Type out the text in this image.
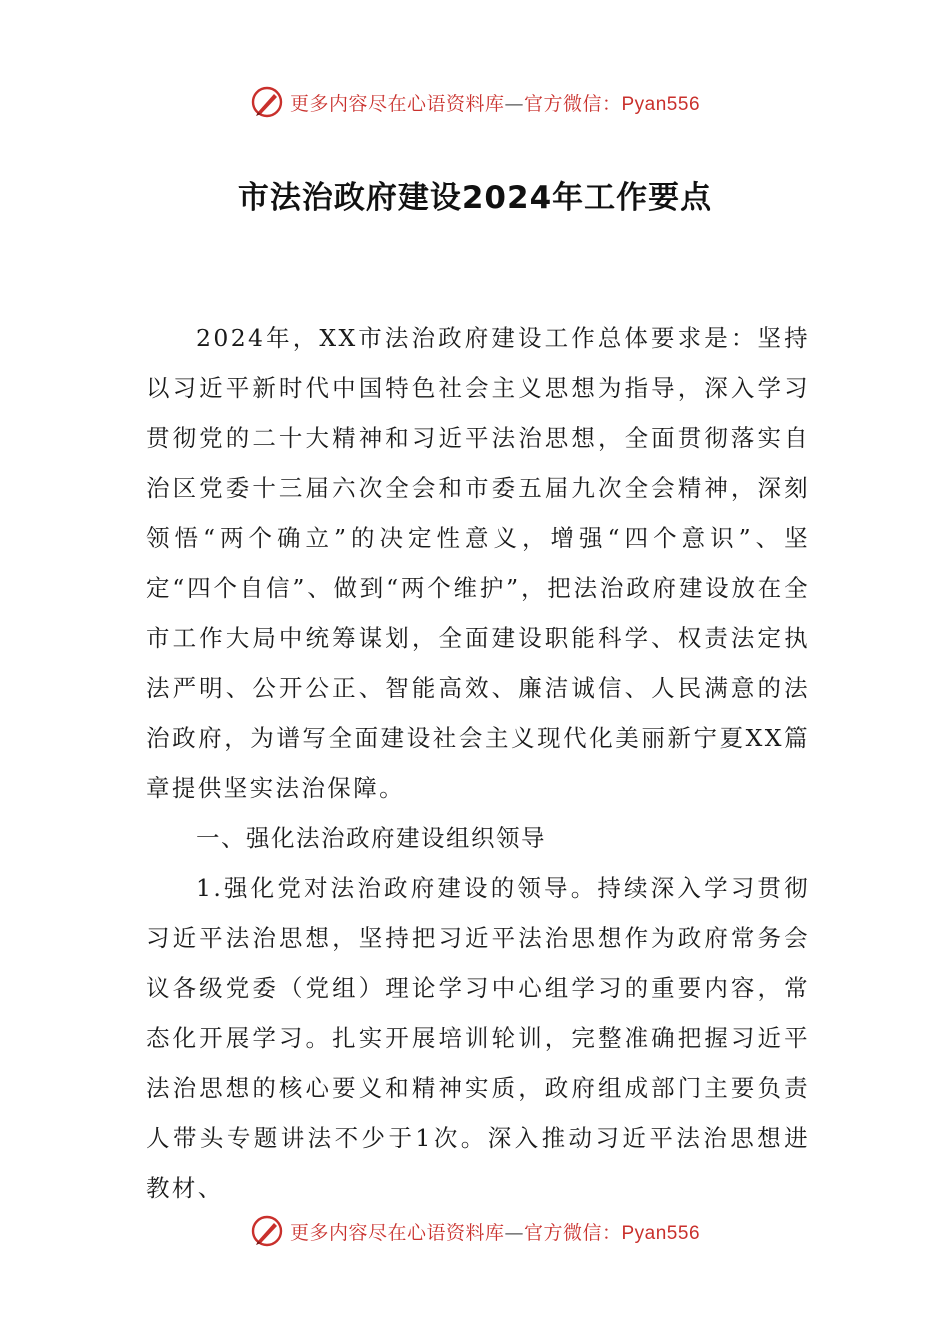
更多内容尽在心语资料库—官方微信：Pyan556
市法治政府建设2024年工作要点

2024年，XX市法治政府建设工作总体要求是：坚持以习近平新时代中国特色社会主义思想为指导，深入学习贯彻党的二十大精神和习近平法治思想，全面贯彻落实自治区党委十三届六次全会和市委五届九次全会精神，深刻领悟“两个确立”的决定性意义，增强“四个意识”、坚定“四个自信”、做到“两个维护”，把法治政府建设放在全市工作大局中统筹谋划，全面建设职能科学、权责法定执法严明、公开公正、智能高效、廉洁诚信、人民满意的法治政府，为谱写全面建设社会主义现代化美丽新宁夏XX篇章提供坚实法治保障。

一、强化法治政府建设组织领导

1.强化党对法治政府建设的领导。持续深入学习贯彻习近平法治思想，坚持把习近平法治思想作为政府常务会议各级党委（党组）理论学习中心组学习的重要内容，常态化开展学习。扎实开展培训轮训，完整准确把握习近平法治思想的核心要义和精神实质，政府组成部门主要负责人带头专题讲法不少于1次。深入推动习近平法治思想进教材、

更多内容尽在心语资料库—官方微信：Pyan556
